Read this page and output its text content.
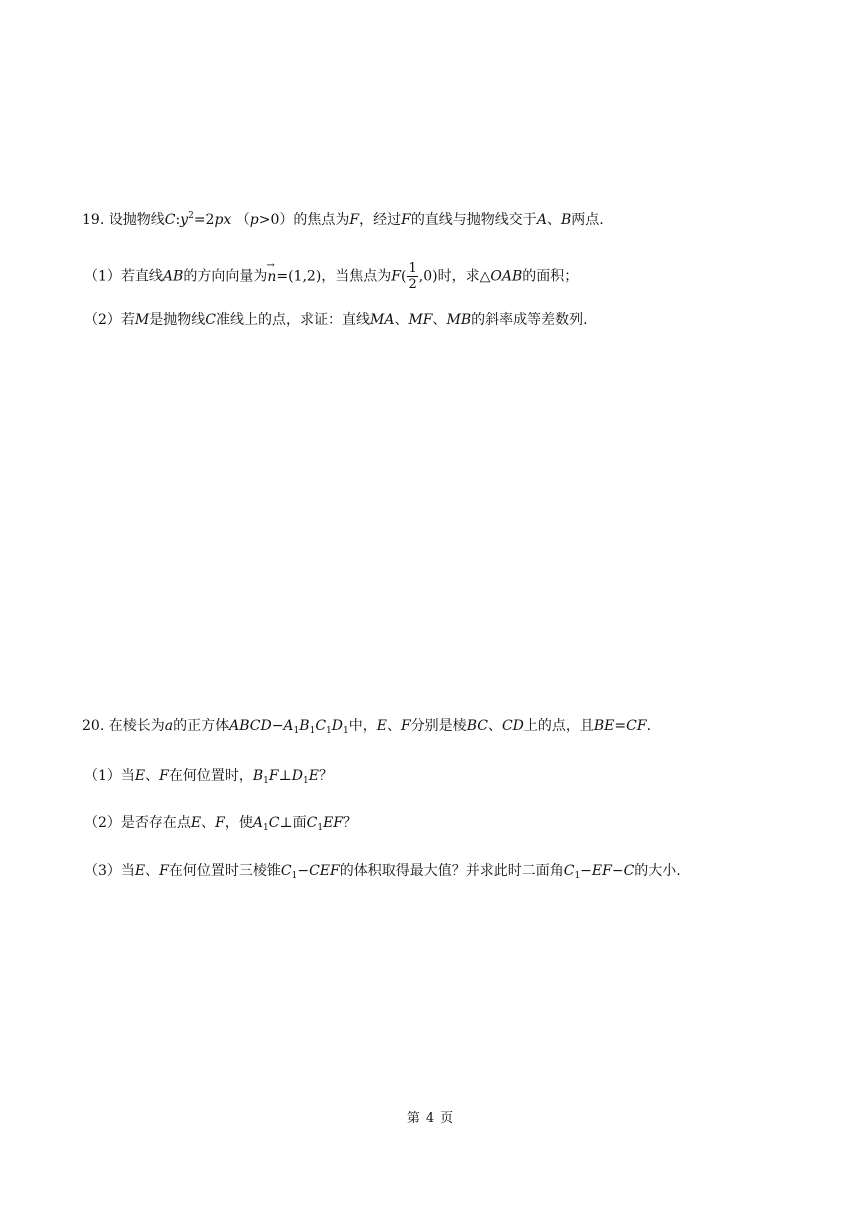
19. 设抛物线$C:y^2=2px$ （p>0）的焦点为F，经过F的直线与抛物线交于A、B两点.
（1）若直线AB的方向向量为→ n=(1,2)，当焦点为$F( \frac{1}{2} ,0)$时，求△OAB的面积；
（2）若M是抛物线C准线上的点，求证：直线MA、MF、MB的斜率成等差数列.
20. 在棱长为a的正方体$ABCD-A_1B_1C_1D_1$中，E、F分别是棱BC、CD上的点，且BE=CF.
（1）当E、F在何位置时，$B_1F\perp D_1E$？
（2）是否存在点E、F，使$A_1C\perp$面$C_1EF$？
（3）当E、F在何位置时三棱锥$C_1-CEF$的体积取得最大值？并求此时二面角$C_1-EF-C$的大小.
第 4 页
